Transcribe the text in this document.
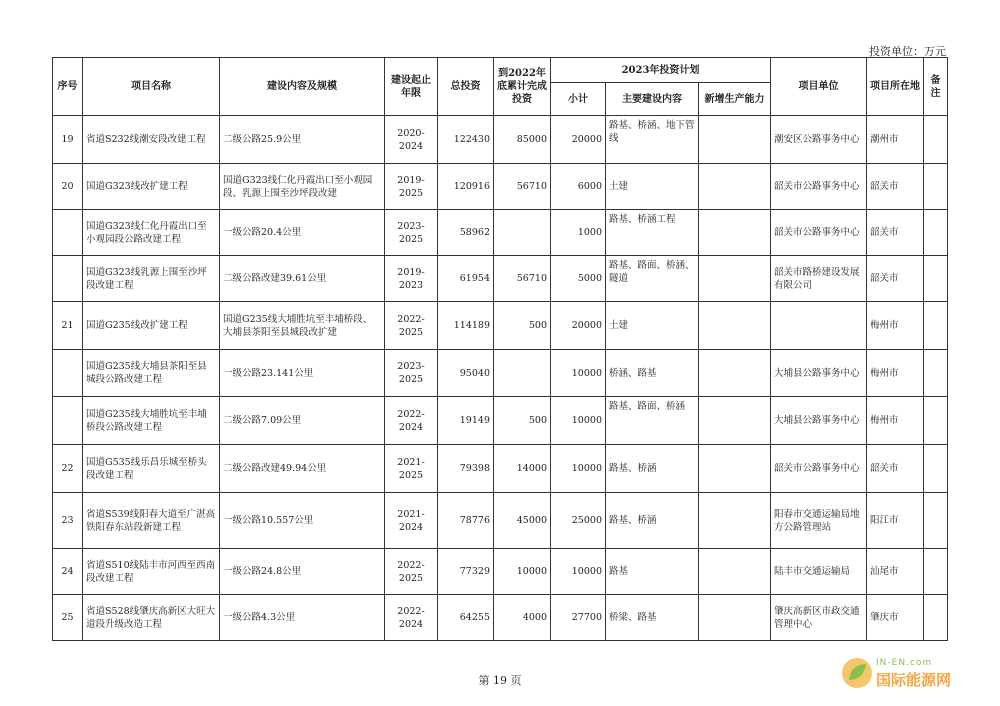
投资单位：万元
序号	项目名称	建设内容及规模	建设起止年限	总投资	到2022年底累计完成投资	2023年投资计划			项目单位	项目所在地	备注
						小计	主要建设内容	新增生产能力			
19	省道S232线潮安段改建工程	二级公路25.9公里	2020-2024	122430	85000	20000	路基、桥涵、地下管线		潮安区公路事务中心	潮州市	
20	国道G323线改扩建工程	国道G323线仁化丹霞出口至小观园段、乳源上围至沙坪段改建	2019-2025	120916	56710	6000	土建		韶关市公路事务中心	韶关市	
	国道G323线仁化丹霞出口至小观园段公路改建工程	一级公路20.4公里	2023-2025	58962		1000	路基、桥涵工程		韶关市公路事务中心	韶关市	
	国道G323线乳源上围至沙坪段改建工程	二级公路改建39.61公里	2019-2023	61954	56710	5000	路基、路面、桥涵、隧道		韶关市路桥建设发展有限公司	韶关市	
21	国道G235线改扩建工程	国道G235线大埔胜坑至丰埔桥段、大埔县茶阳至县城段改扩建	2022-2025	114189	500	20000	土建			梅州市	
	国道G235线大埔县茶阳至县城段公路改建工程	一级公路23.141公里	2023-2025	95040		10000	桥涵、路基		大埔县公路事务中心	梅州市	
	国道G235线大埔胜坑至丰埔桥段公路改建工程	二级公路7.09公里	2022-2024	19149	500	10000	路基、路面、桥涵		大埔县公路事务中心	梅州市	
22	国道G535线乐昌乐城至桥头段改建工程	二级公路改建49.94公里	2021-2025	79398	14000	10000	路基、桥涵		韶关市公路事务中心	韶关市	
23	省道S539线阳春大道至广湛高铁阳春东站段新建工程	一级公路10.557公里	2021-2024	78776	45000	25000	路基、桥涵		阳春市交通运输局地方公路管理站	阳江市	
24	省道S510线陆丰市河西至西南段改建工程	一级公路24.8公里	2022-2025	77329	10000	10000	路基		陆丰市交通运输局	汕尾市	
25	省道S528线肇庆高新区大旺大道段升级改造工程	一级公路4.3公里	2022-2024	64255	4000	27700	桥梁、路基		肇庆高新区市政交通管理中心	肇庆市	
第 19 页
IN-EN.com
国际能源网
